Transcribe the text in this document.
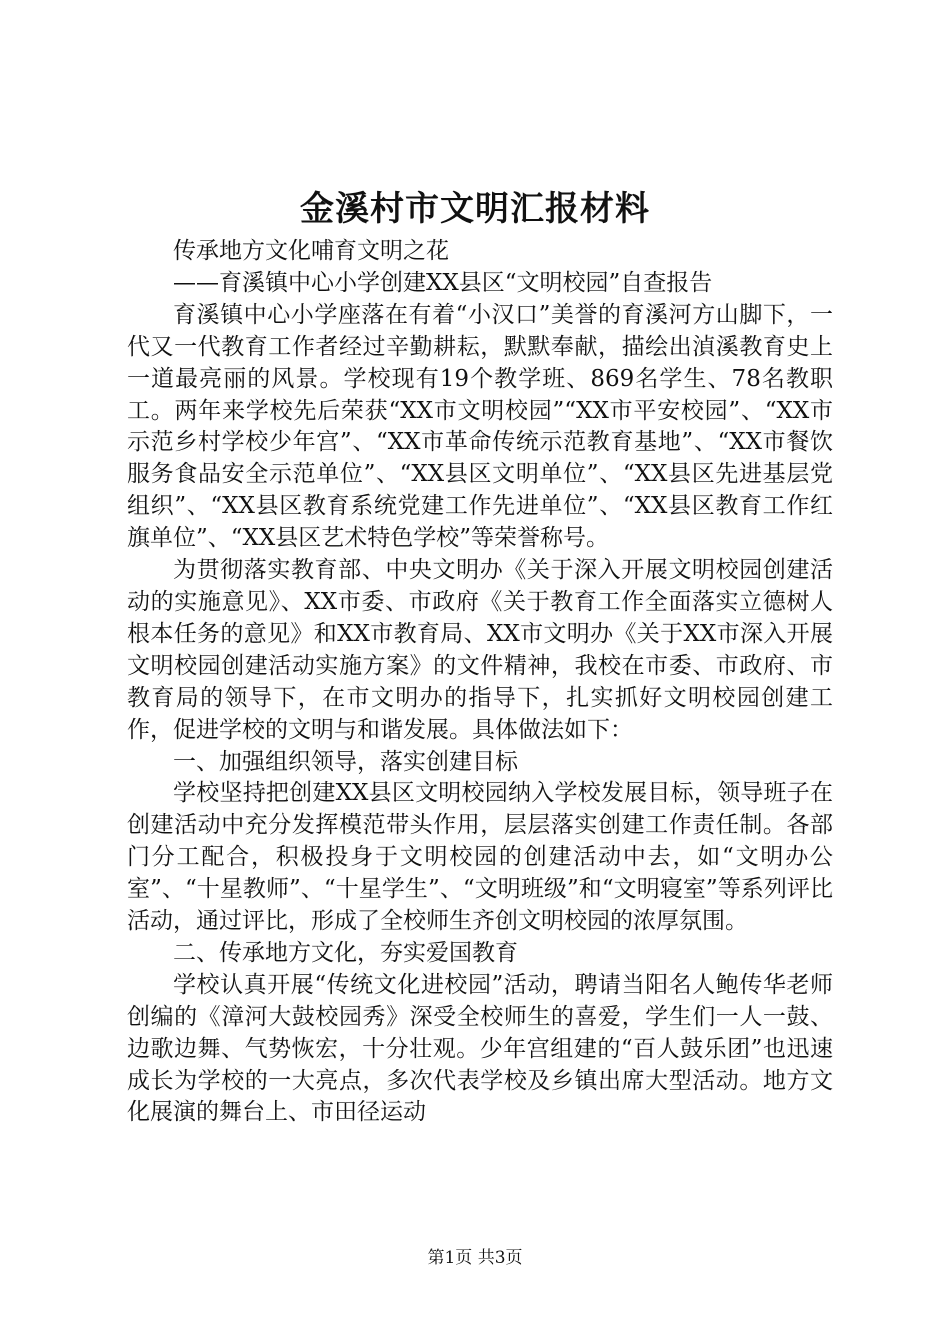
金溪村市文明汇报材料

传承地方文化哺育文明之花

——育溪镇中心小学创建XX县区“文明校园”自查报告

育溪镇中心小学座落在有着“小汉口”美誉的育溪河方山脚下，一代又一代教育工作者经过辛勤耕耘，默默奉献，描绘出湞溪教育史上一道最亮丽的风景。学校现有19个教学班、869名学生、78名教职工。两年来学校先后荣获“XX市文明校园”“XX市平安校园”、“XX市示范乡村学校少年宫”、“XX市革命传统示范教育基地”、“XX市餐饮服务食品安全示范单位”、“XX县区文明单位”、“XX县区先进基层党组织”、“XX县区教育系统党建工作先进单位”、“XX县区教育工作红旗单位”、“XX县区艺术特色学校”等荣誉称号。

为贯彻落实教育部、中央文明办《关于深入开展文明校园创建活动的实施意见》、XX市委、市政府《关于教育工作全面落实立德树人根本任务的意见》和XX市教育局、XX市文明办《关于XX市深入开展文明校园创建活动实施方案》的文件精神，我校在市委、市政府、市教育局的领导下，在市文明办的指导下，扎实抓好文明校园创建工作，促进学校的文明与和谐发展。具体做法如下：

一、加强组织领导，落实创建目标

学校坚持把创建XX县区文明校园纳入学校发展目标，领导班子在创建活动中充分发挥模范带头作用，层层落实创建工作责任制。各部门分工配合，积极投身于文明校园的创建活动中去，如“文明办公室”、“十星教师”、“十星学生”、“文明班级”和“文明寝室”等系列评比活动，通过评比，形成了全校师生齐创文明校园的浓厚氛围。

二、传承地方文化，夯实爱国教育

学校认真开展“传统文化进校园”活动，聘请当阳名人鲍传华老师创编的《漳河大鼓校园秀》深受全校师生的喜爱，学生们一人一鼓、边歌边舞、气势恢宏，十分壮观。少年宫组建的“百人鼓乐团”也迅速成长为学校的一大亮点，多次代表学校及乡镇出席大型活动。地方文化展演的舞台上、市田径运动

第1页 共3页
